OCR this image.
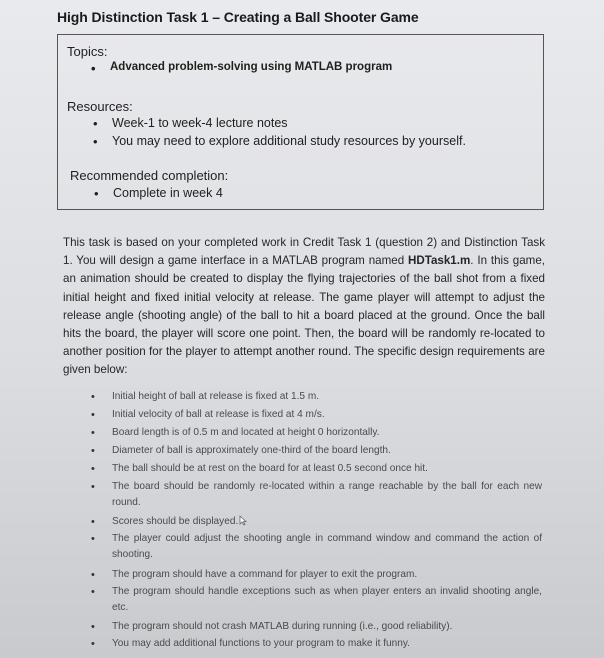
High Distinction Task 1 – Creating a Ball Shooter Game
Topics:
• Advanced problem-solving using MATLAB program
Resources:
• Week-1 to week-4 lecture notes
• You may need to explore additional study resources by yourself.
Recommended completion:
• Complete in week 4
This task is based on your completed work in Credit Task 1 (question 2) and Distinction Task 1. You will design a game interface in a MATLAB program named HDTask1.m. In this game, an animation should be created to display the flying trajectories of the ball shot from a fixed initial height and fixed initial velocity at release. The game player will attempt to adjust the release angle (shooting angle) of the ball to hit a board placed at the ground. Once the ball hits the board, the player will score one point. Then, the board will be randomly re-located to another position for the player to attempt another round. The specific design requirements are given below:
• Initial height of ball at release is fixed at 1.5 m.
• Initial velocity of ball at release is fixed at 4 m/s.
• Board length is of 0.5 m and located at height 0 horizontally.
• Diameter of ball is approximately one-third of the board length.
• The ball should be at rest on the board for at least 0.5 second once hit.
• The board should be randomly re-located within a range reachable by the ball for each new round.
• Scores should be displayed.
• The player could adjust the shooting angle in command window and command the action of shooting.
• The program should have a command for player to exit the program.
• The program should handle exceptions such as when player enters an invalid shooting angle, etc.
• The program should not crash MATLAB during running (i.e., good reliability).
• You may add additional functions to your program to make it funny.
